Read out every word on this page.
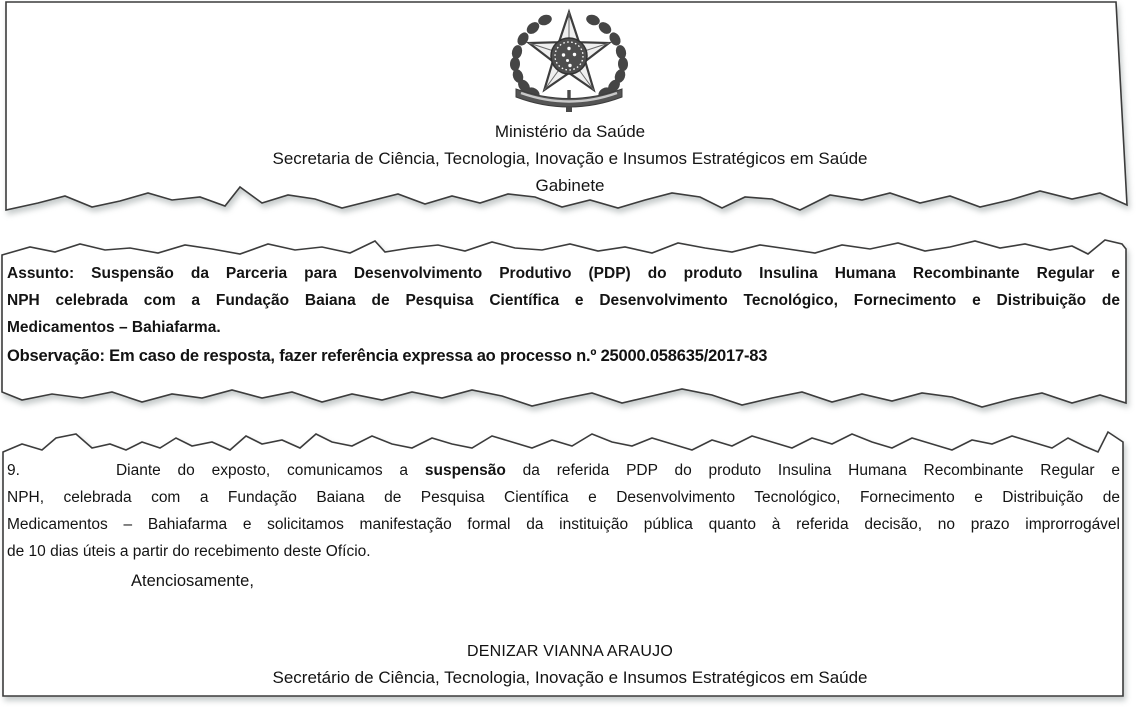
Ministério da Saúde
Secretaria de Ciência, Tecnologia, Inovação e Insumos Estratégicos em Saúde
Gabinete
Assunto: Suspensão da Parceria para Desenvolvimento Produtivo (PDP) do produto Insulina Humana Recombinante Regular e
NPH celebrada com a Fundação Baiana de Pesquisa Científica e Desenvolvimento Tecnológico, Fornecimento e Distribuição de
Medicamentos – Bahiafarma.
Observação: Em caso de resposta, fazer referência expressa ao processo n.º 25000.058635/2017-83
9.	Diante do exposto, comunicamos a suspensão da referida PDP do produto Insulina Humana Recombinante Regular e
NPH, celebrada com a Fundação Baiana de Pesquisa Científica e Desenvolvimento Tecnológico, Fornecimento e Distribuição de
Medicamentos – Bahiafarma e solicitamos manifestação formal da instituição pública quanto à referida decisão, no prazo improrrogável
de 10 dias úteis a partir do recebimento deste Ofício.
Atenciosamente,
DENIZAR VIANNA ARAUJO
Secretário de Ciência, Tecnologia, Inovação e Insumos Estratégicos em Saúde
